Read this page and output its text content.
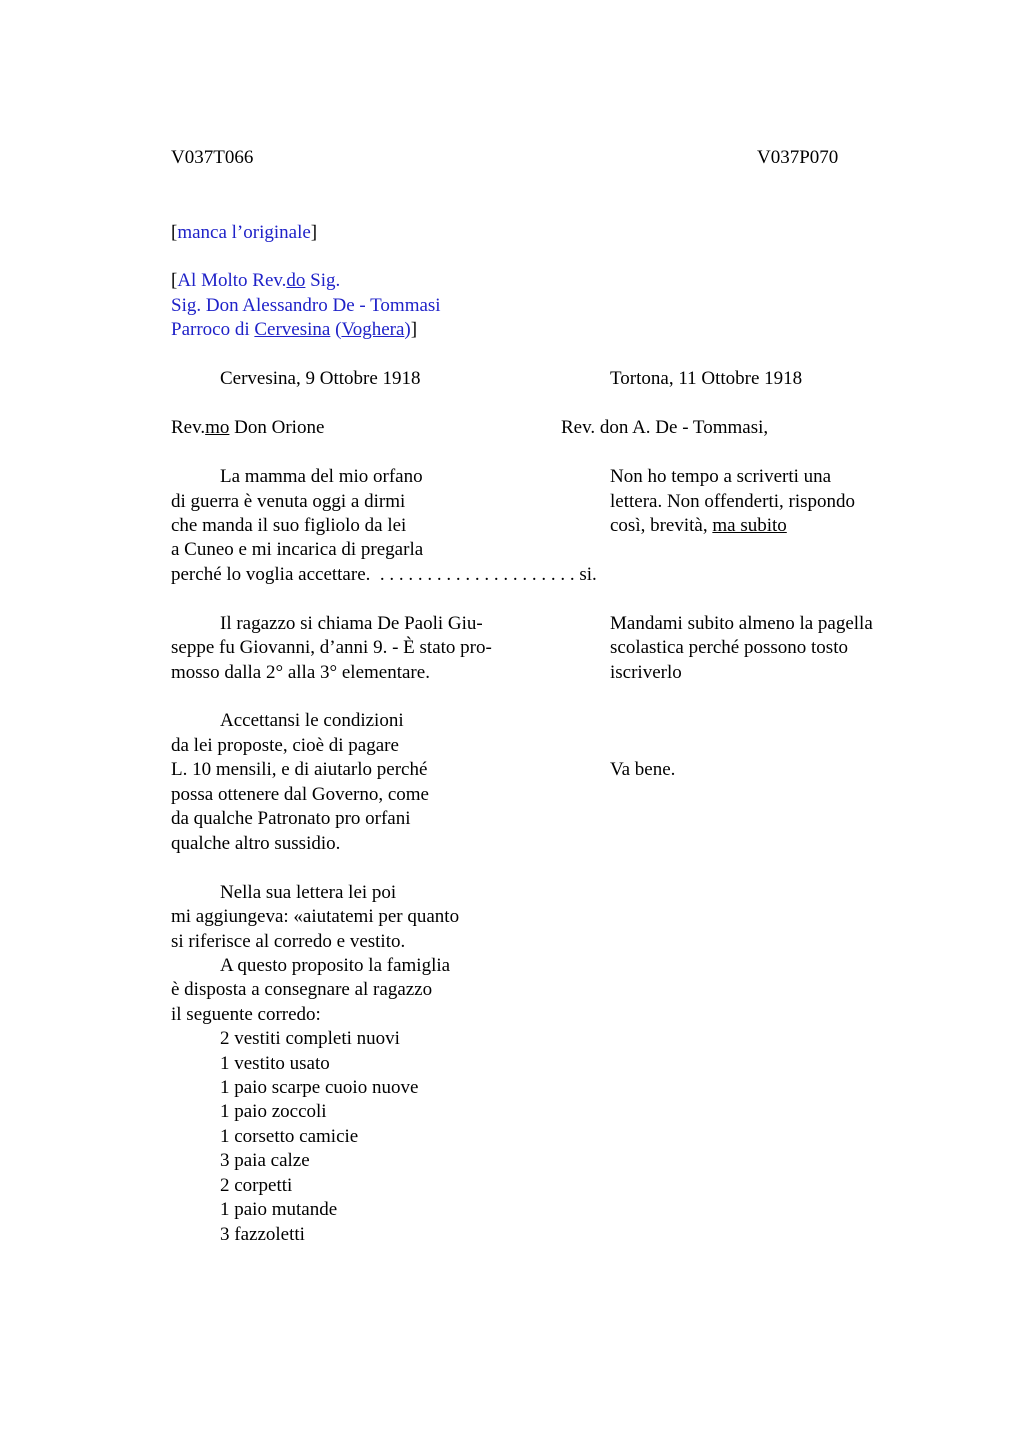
V037T066	V037P070
[manca l’originale]
[Al Molto Rev.do Sig.
Sig. Don Alessandro De - Tommasi
Parroco di Cervesina (Voghera)]
Cervesina, 9 Ottobre 1918	Tortona, 11 Ottobre 1918
Rev.mo Don Orione	Rev. don A. De - Tommasi,
La mamma del mio orfano
di guerra è venuta oggi a dirmi
che manda il suo figliolo da lei
a Cuneo e mi incarica di pregarla
perché lo voglia accettare.  . . . . . . . . . . . . . . . . . . . . . si.
Non ho tempo a scriverti una
lettera. Non offenderti, rispondo
così, brevità, ma subito
Il ragazzo si chiama De Paoli Giu-
seppe fu Giovanni, d’anni 9. - È stato pro-
mosso dalla 2° alla 3° elementare.
Mandami subito almeno la pagella
scolastica perché possono tosto
iscriverlo
Accettansi le condizioni
da lei proposte, cioè di pagare
L. 10 mensili, e di aiutarlo perché
possa ottenere dal Governo, come
da qualche Patronato pro orfani
qualche altro sussidio.
Va bene.
Nella sua lettera lei poi
mi aggiungeva: «aiutatemi per quanto
si riferisce al corredo e vestito.
A questo proposito la famiglia
è disposta a consegnare al ragazzo
il seguente corredo:
2 vestiti completi nuovi
1 vestito usato
1 paio scarpe cuoio nuove
1 paio zoccoli
1 corsetto camicie
3 paia calze
2 corpetti
1 paio mutande
3 fazzoletti
